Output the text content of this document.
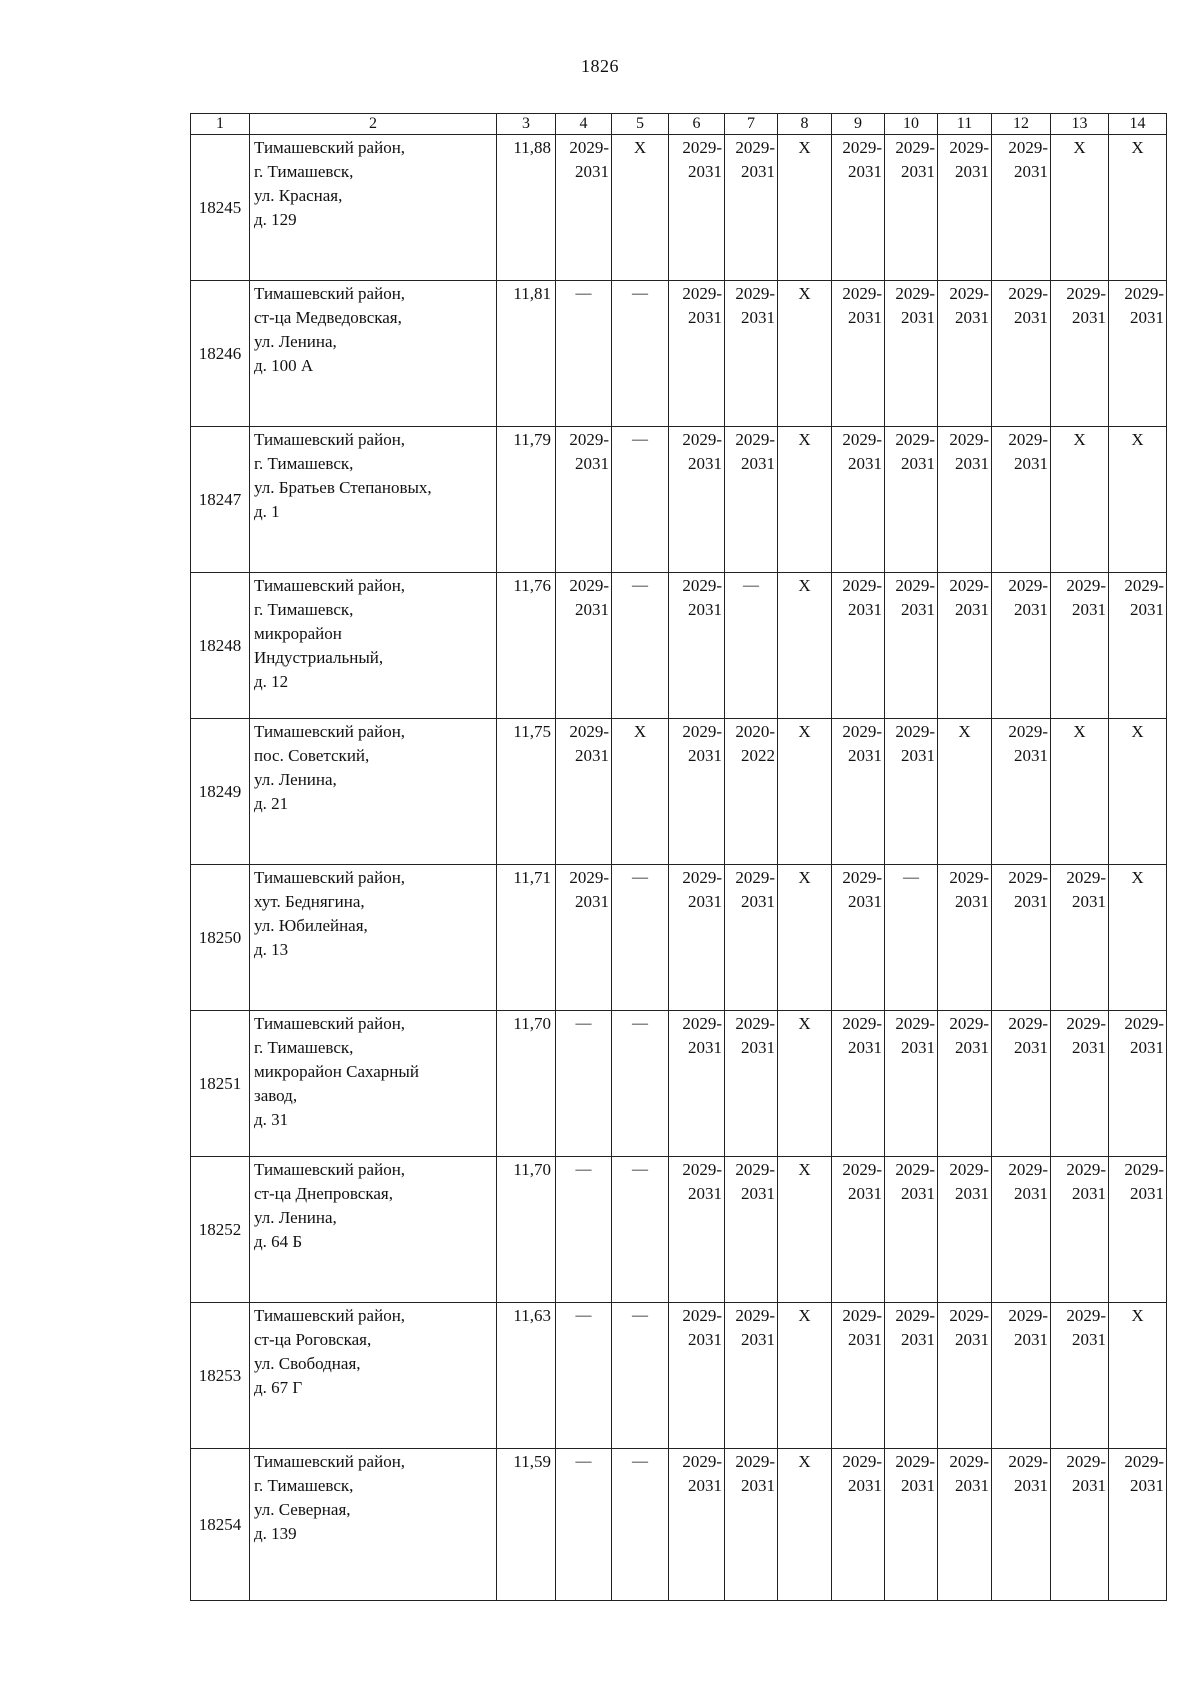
1826
1	2	3	4	5	6	7	8	9	10	11	12	13	14
18245	Тимашевский район,
г. Тимашевск,
ул. Красная,
д. 129	11,88	2029-
2031	Х	2029-
2031	2029-
2031	Х	2029-
2031	2029-
2031	2029-
2031	2029-
2031	Х	Х

18246	Тимашевский район,
ст-ца Медведовская,
ул. Ленина,
д. 100 А	11,81	—	—	2029-
2031	2029-
2031	Х	2029-
2031	2029-
2031	2029-
2031	2029-
2031	2029-
2031	2029-
2031

18247	Тимашевский район,
г. Тимашевск,
ул. Братьев Степановых,
д. 1	11,79	2029-
2031	—	2029-
2031	2029-
2031	Х	2029-
2031	2029-
2031	2029-
2031	2029-
2031	Х	Х

18248	Тимашевский район,
г. Тимашевск,
микрорайон
Индустриальный,
д. 12	11,76	2029-
2031	—	2029-
2031	—	Х	2029-
2031	2029-
2031	2029-
2031	2029-
2031	2029-
2031	2029-
2031

18249	Тимашевский район,
пос. Советский,
ул. Ленина,
д. 21	11,75	2029-
2031	Х	2029-
2031	2020-
2022	Х	2029-
2031	2029-
2031	Х	2029-
2031	Х	Х

18250	Тимашевский район,
хут. Беднягина,
ул. Юбилейная,
д. 13	11,71	2029-
2031	—	2029-
2031	2029-
2031	Х	2029-
2031	—	2029-
2031	2029-
2031	2029-
2031	Х

18251	Тимашевский район,
г. Тимашевск,
микрорайон Сахарный
завод,
д. 31	11,70	—	—	2029-
2031	2029-
2031	Х	2029-
2031	2029-
2031	2029-
2031	2029-
2031	2029-
2031	2029-
2031

18252	Тимашевский район,
ст-ца Днепровская,
ул. Ленина,
д. 64 Б	11,70	—	—	2029-
2031	2029-
2031	Х	2029-
2031	2029-
2031	2029-
2031	2029-
2031	2029-
2031	2029-
2031

18253	Тимашевский район,
ст-ца Роговская,
ул. Свободная,
д. 67 Г	11,63	—	—	2029-
2031	2029-
2031	Х	2029-
2031	2029-
2031	2029-
2031	2029-
2031	2029-
2031	Х

18254	Тимашевский район,
г. Тимашевск,
ул. Северная,
д. 139	11,59	—	—	2029-
2031	2029-
2031	Х	2029-
2031	2029-
2031	2029-
2031	2029-
2031	2029-
2031	2029-
2031
